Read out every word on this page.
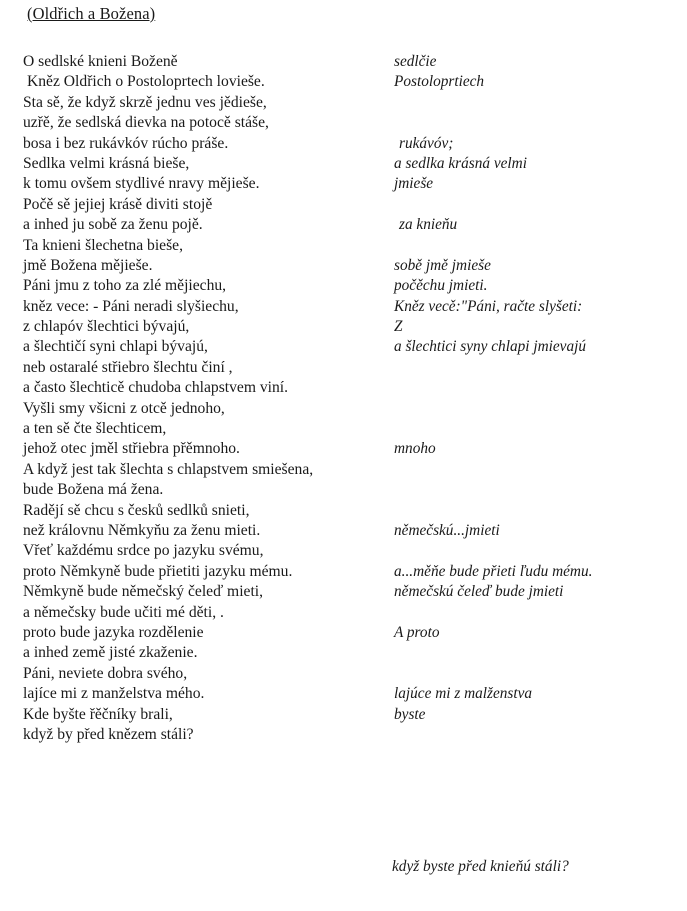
(Oldřich a Božena)
O sedlské knieni Boženě
Kněz Oldřich o Postoloprtech loviešе.
Sta sě, že když skrzě jednu ves jědieše,
uzřě, že sedlská dievka na potocě stáše,
bosa i bez rukávkóv rúcho práše.
Sedlka velmi krásná bieše,
k tomu ovšem stydlivé nravy mějieše.
Počě sě jejiej krásě diviti stojě
a inhed ju sobě za ženu pojě.
Ta knieni šlechetna bieše,
jmě Božena mějieše.
Páni jmu z toho za zlé mějiechu,
kněz vece: - Páni neradi slyšiechu,
z chlapóv šlechtici bývajú,
a šlechtičí syni chlapi bývajú,
neb ostaralé střiebro šlechtu činí ,
a často šlechticě chudoba chlapstvem viní.
Vyšli smy všicni z otcě jednoho,
a ten sě čte šlechticem,
jehož otec jměl střiebra přěmnoho.
A když jest tak šlechta s chlapstvem smiešena,
bude Božena má žena.
Radějí sě chcu s česků sedlků snieti,
než královnu Němkyňu za ženu mieti.
Vřeť každému srdce po jazyku svému,
proto Němkyně bude přietiti jazyku mému.
Němkyně bude němečský čeleď mieti,
a němečsky bude učiti mé děti, .
proto bude jazyka rozdělenie
a inhed země jisté zkaženie.
Páni, neviete dobra svého,
lajíce mi z manželstva mého.
Kde byšte řěčníky brali,
když by před knězem stáli?
sedlčie
Postoloprtiech
rukávóv;
a sedlka krásná velmi
jmieše
za knieňu
sobě jmě jmieše
počěchu jmieti.
Kněz vecě:"Páni, račte slyšeti:
Z
a šlechtici syny chlapi jmievajú
mnoho
němečskú...jmieti
a...měňe bude přieti ľudu mému.
němečskú čeleď bude jmieti
A proto
lajúce mi z malženstva
byste
když byste před knieňú stáli?
